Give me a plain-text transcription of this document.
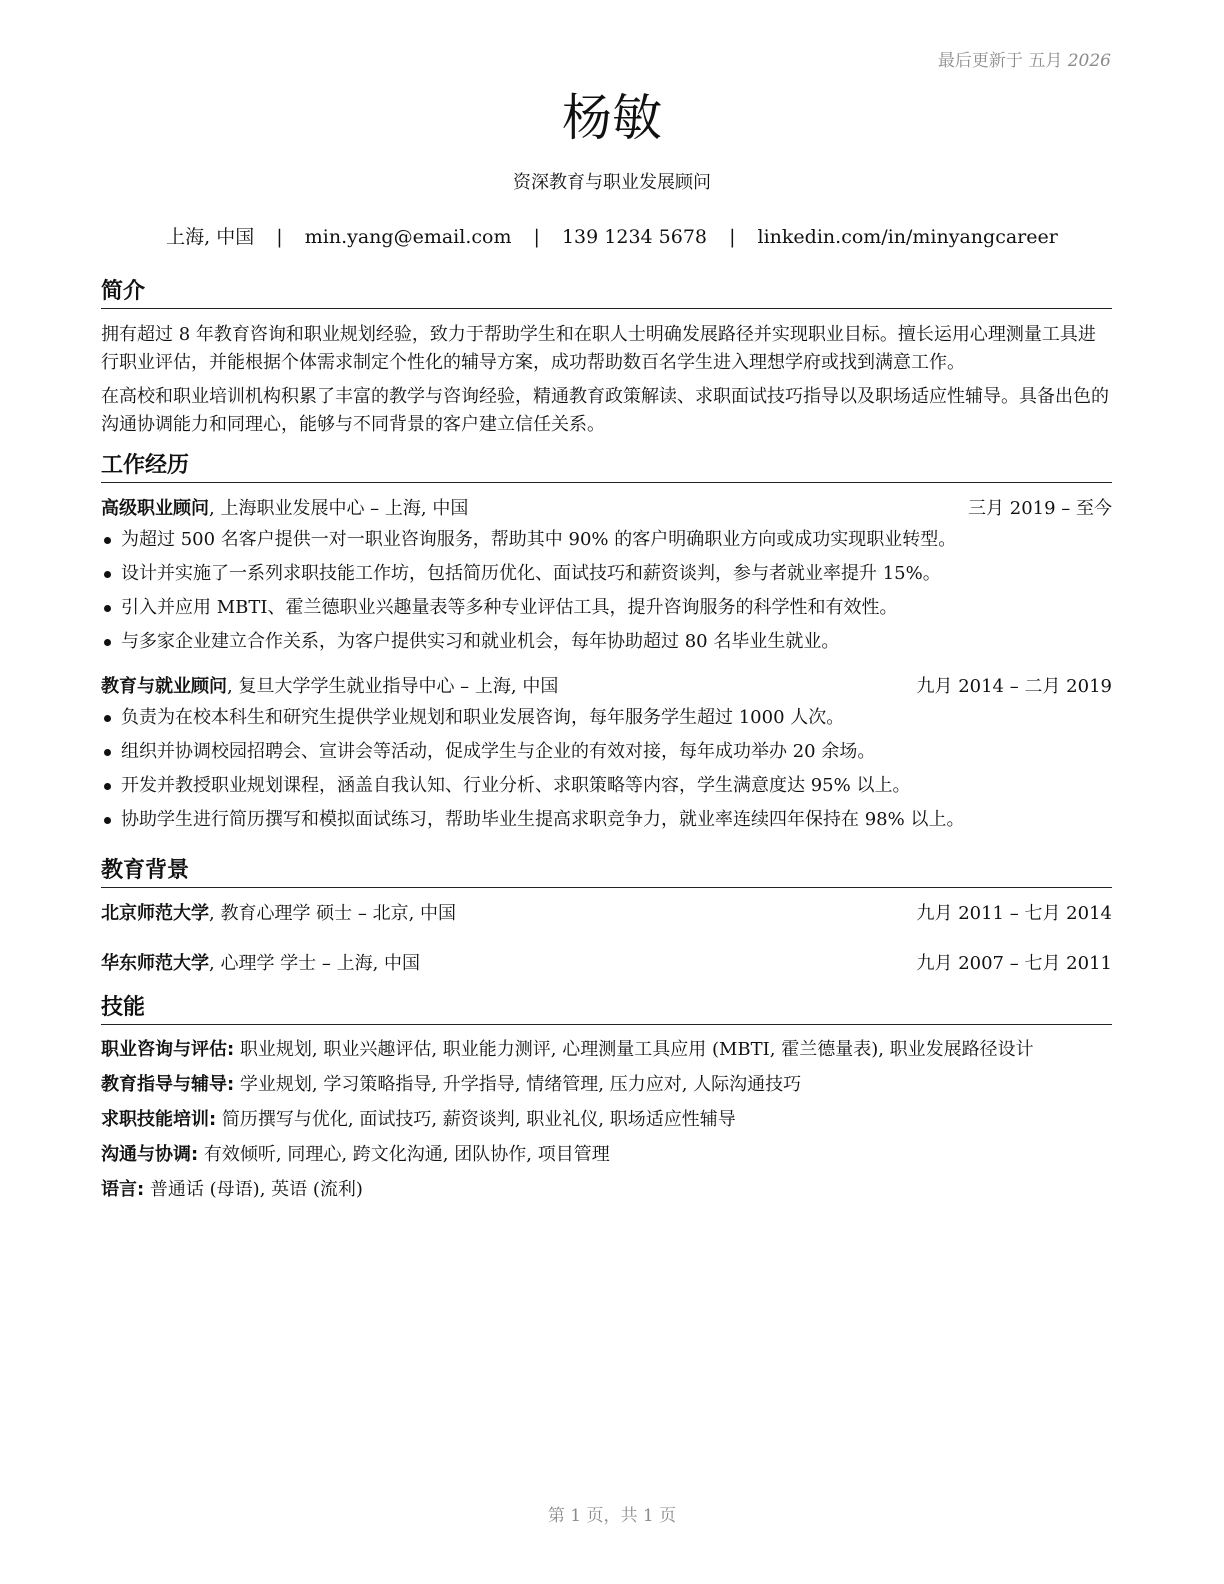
最后更新于 五月 2026
杨敏
资深教育与职业发展顾问
上海, 中国 | min.yang@email.com | 139 1234 5678 | linkedin.com/in/minyangcareer
简介

拥有超过 8 年教育咨询和职业规划经验，致力于帮助学生和在职人士明确发展路径并实现职业目标。擅长运用心理测量工具进行职业评估，并能根据个体需求制定个性化的辅导方案，成功帮助数百名学生进入理想学府或找到满意工作。

在高校和职业培训机构积累了丰富的教学与咨询经验，精通教育政策解读、求职面试技巧指导以及职场适应性辅导。具备出色的沟通协调能力和同理心，能够与不同背景的客户建立信任关系。

工作经历
高级职业顾问, 上海职业发展中心 – 上海, 中国	三月 2019 – 至今
为超过 500 名客户提供一对一职业咨询服务，帮助其中 90% 的客户明确职业方向或成功实现职业转型。
设计并实施了一系列求职技能工作坊，包括简历优化、面试技巧和薪资谈判，参与者就业率提升 15%。
引入并应用 MBTI、霍兰德职业兴趣量表等多种专业评估工具，提升咨询服务的科学性和有效性。
与多家企业建立合作关系，为客户提供实习和就业机会，每年协助超过 80 名毕业生就业。
教育与就业顾问, 复旦大学学生就业指导中心 – 上海, 中国	九月 2014 – 二月 2019
负责为在校本科生和研究生提供学业规划和职业发展咨询，每年服务学生超过 1000 人次。
组织并协调校园招聘会、宣讲会等活动，促成学生与企业的有效对接，每年成功举办 20 余场。
开发并教授职业规划课程，涵盖自我认知、行业分析、求职策略等内容，学生满意度达 95% 以上。
协助学生进行简历撰写和模拟面试练习，帮助毕业生提高求职竞争力，就业率连续四年保持在 98% 以上。
教育背景
北京师范大学, 教育心理学 硕士 – 北京, 中国	九月 2011 – 七月 2014
华东师范大学, 心理学 学士 – 上海, 中国	九月 2007 – 七月 2011
技能
职业咨询与评估: 职业规划, 职业兴趣评估, 职业能力测评, 心理测量工具应用 (MBTI, 霍兰德量表), 职业发展路径设计
教育指导与辅导: 学业规划, 学习策略指导, 升学指导, 情绪管理, 压力应对, 人际沟通技巧
求职技能培训: 简历撰写与优化, 面试技巧, 薪资谈判, 职业礼仪, 职场适应性辅导
沟通与协调: 有效倾听, 同理心, 跨文化沟通, 团队协作, 项目管理
语言: 普通话 (母语), 英语 (流利)
第 1 页，共 1 页
